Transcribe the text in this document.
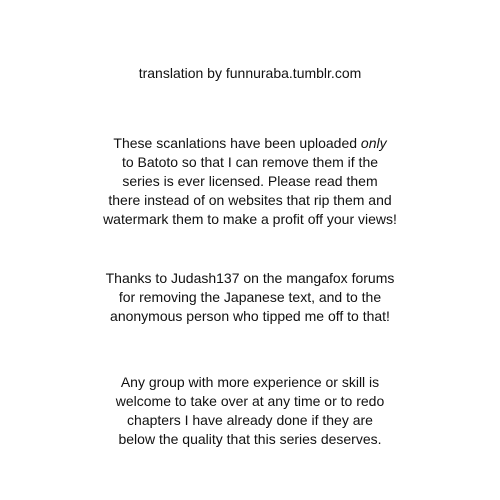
translation by funnuraba.tumblr.com
These scanlations have been uploaded only
to Batoto so that I can remove them if the
series is ever licensed. Please read them
there instead of on websites that rip them and
watermark them to make a profit off your views!
Thanks to Judash137 on the mangafox forums
for removing the Japanese text, and to the
anonymous person who tipped me off to that!
Any group with more experience or skill is
welcome to take over at any time or to redo
chapters I have already done if they are
below the quality that this series deserves.
